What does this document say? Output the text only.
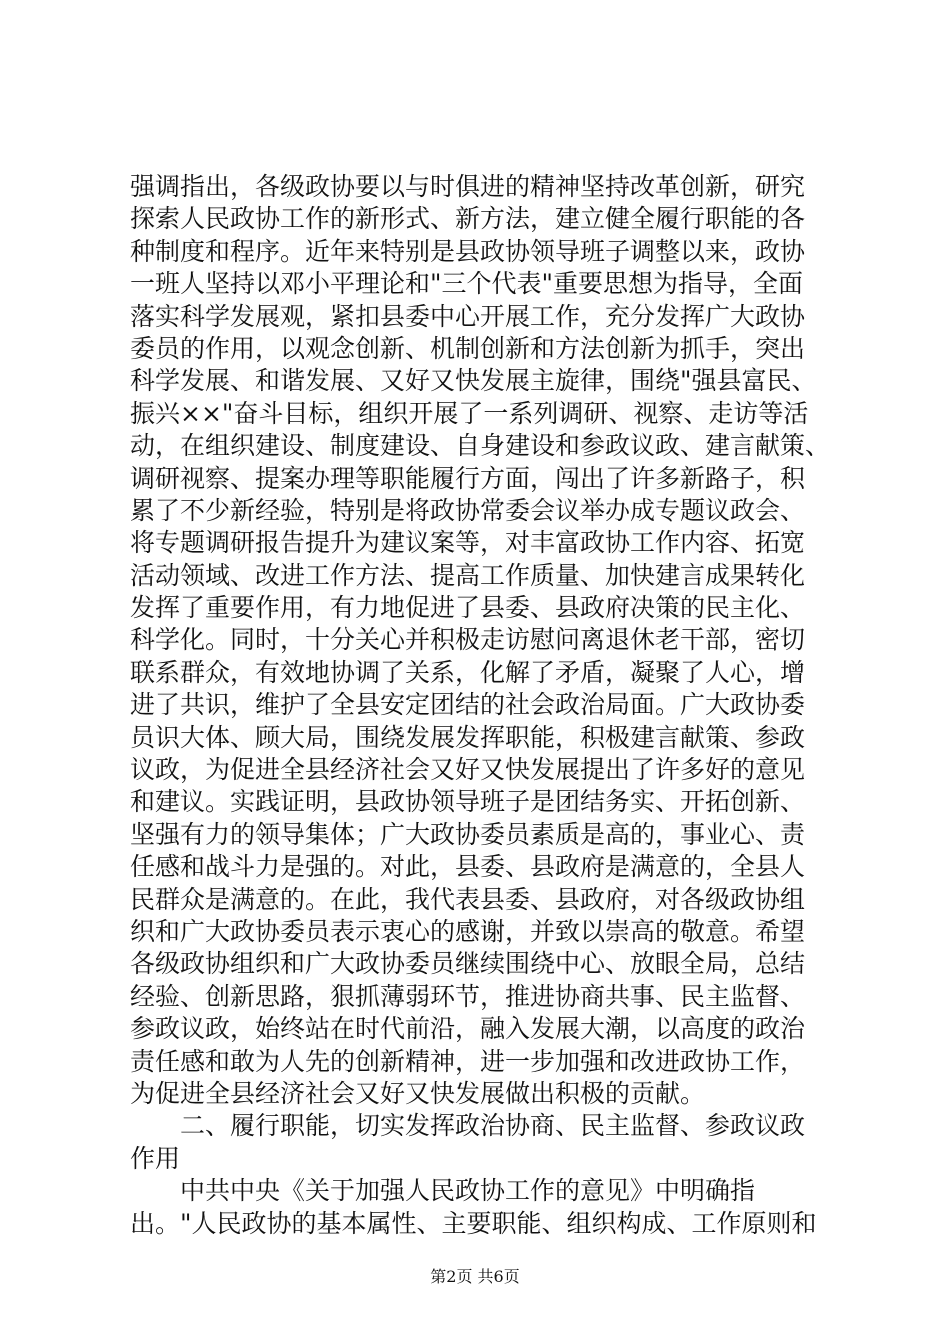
强调指出，各级政协要以与时俱进的精神坚持改革创新，研究
探索人民政协工作的新形式、新方法，建立健全履行职能的各
种制度和程序。近年来特别是县政协领导班子调整以来，政协
一班人坚持以邓小平理论和"三个代表"重要思想为指导，全面
落实科学发展观，紧扣县委中心开展工作，充分发挥广大政协
委员的作用，以观念创新、机制创新和方法创新为抓手，突出
科学发展、和谐发展、又好又快发展主旋律，围绕"强县富民、
振兴××"奋斗目标，组织开展了一系列调研、视察、走访等活
动，在组织建设、制度建设、自身建设和参政议政、建言献策、
调研视察、提案办理等职能履行方面，闯出了许多新路子，积
累了不少新经验，特别是将政协常委会议举办成专题议政会、
将专题调研报告提升为建议案等，对丰富政协工作内容、拓宽
活动领域、改进工作方法、提高工作质量、加快建言成果转化
发挥了重要作用，有力地促进了县委、县政府决策的民主化、
科学化。同时，十分关心并积极走访慰问离退休老干部，密切
联系群众，有效地协调了关系，化解了矛盾，凝聚了人心，增
进了共识，维护了全县安定团结的社会政治局面。广大政协委
员识大体、顾大局，围绕发展发挥职能，积极建言献策、参政
议政，为促进全县经济社会又好又快发展提出了许多好的意见
和建议。实践证明，县政协领导班子是团结务实、开拓创新、
坚强有力的领导集体；广大政协委员素质是高的，事业心、责
任感和战斗力是强的。对此，县委、县政府是满意的，全县人
民群众是满意的。在此，我代表县委、县政府，对各级政协组
织和广大政协委员表示衷心的感谢，并致以崇高的敬意。希望
各级政协组织和广大政协委员继续围绕中心、放眼全局，总结
经验、创新思路，狠抓薄弱环节，推进协商共事、民主监督、
参政议政，始终站在时代前沿，融入发展大潮，以高度的政治
责任感和敢为人先的创新精神，进一步加强和改进政协工作，
为促进全县经济社会又好又快发展做出积极的贡献。
　　二、履行职能，切实发挥政治协商、民主监督、参政议政
作用
　　中共中央《关于加强人民政协工作的意见》中明确指
出。"人民政协的基本属性、主要职能、组织构成、工作原则和
第2页 共6页
